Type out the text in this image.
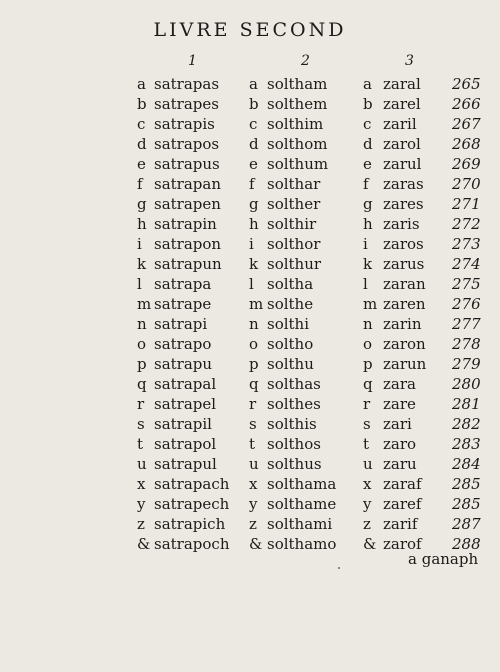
LIVRE SECOND
1	2	3
a satrapas a soltham a zaral 265
b satrapes b solthem b zarel 266
c satrapis c solthim	c zaril 267
d satrapos d solthom d zarol 268
e satrapus e solthum e zarul 269
f satrapan f solthar	f zaras 270
g satrapen g solther	g zares 271
h satrapin h solthir	h zaris 272
i satrapon i solthor	i zaros 273
k satrapun k solthur	k zarus 274
l satrapa	l soltha	l zaran 275
m satrape	m solthe	m zaren 276
n satrapi	n solthi	n zarin 277
o satrapo	o soltho	o zaron 278
p satrapu p solthu	p zarun 279
q satrapal q solthas	q zara 280
r satrapel r solthes	r zare 281
s satrapil s solthis	s zari	282
t satrapol t solthos	t zaro 283
u satrapul u solthus	u zaru 284
x satrapach x solthama x zaraf 285
y satrapech y solthame y zaref 285
z satrapich z solthami z zarif 287
& satrapoch & solthamo & zarof 288
a ganaph
